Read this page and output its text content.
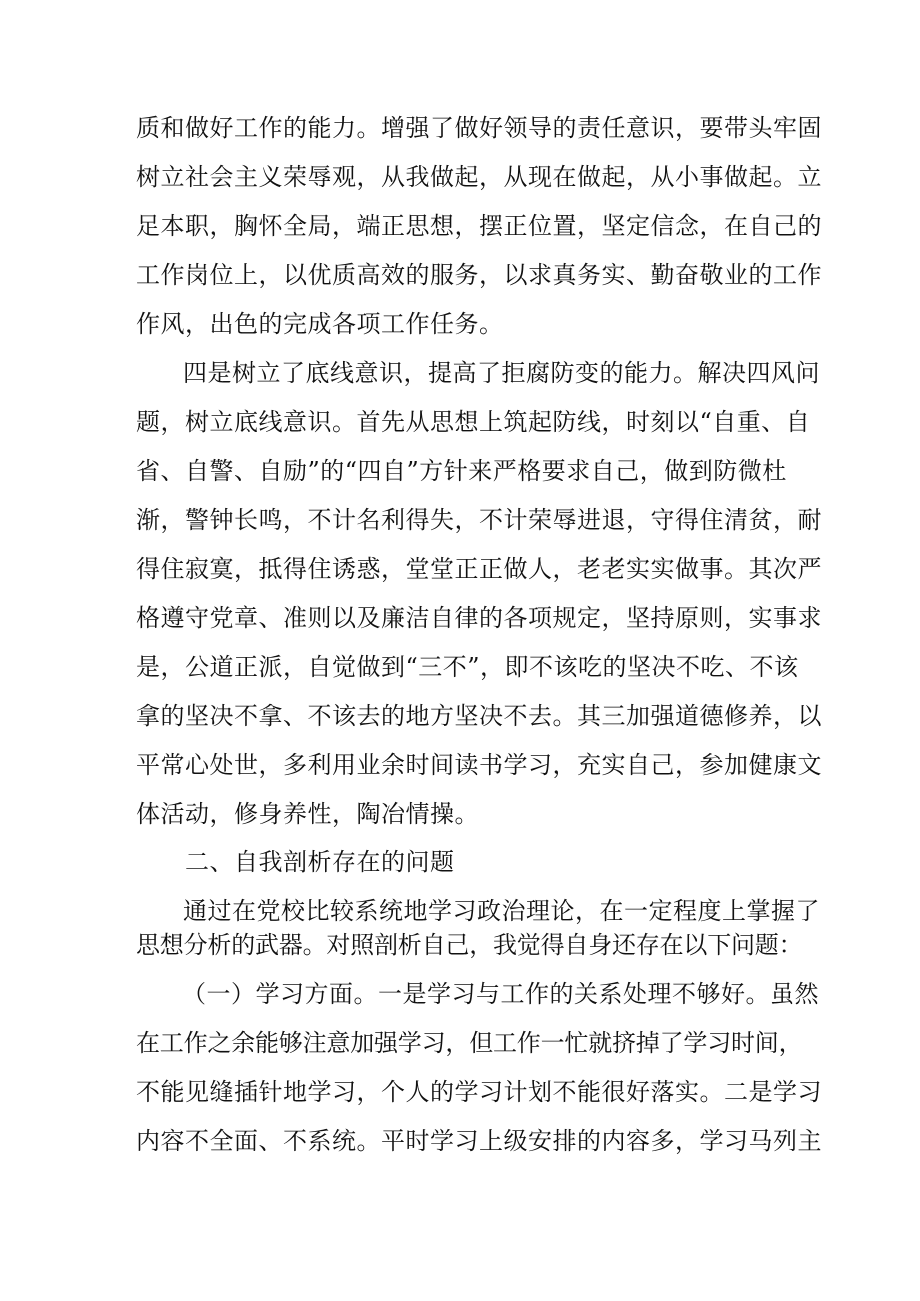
质和做好工作的能力。增强了做好领导的责任意识，要带头牢固
树立社会主义荣辱观，从我做起，从现在做起，从小事做起。立
足本职，胸怀全局，端正思想，摆正位置，坚定信念，在自己的
工作岗位上，以优质高效的服务，以求真务实、勤奋敬业的工作
作风，出色的完成各项工作任务。
四是树立了底线意识，提高了拒腐防变的能力。解决四风问
题，树立底线意识。首先从思想上筑起防线，时刻以“自重、自
省、自警、自励”的“四自”方针来严格要求自己，做到防微杜
渐，警钟长鸣，不计名利得失，不计荣辱进退，守得住清贫，耐
得住寂寞，抵得住诱惑，堂堂正正做人，老老实实做事。其次严
格遵守党章、准则以及廉洁自律的各项规定，坚持原则，实事求
是，公道正派，自觉做到“三不”，即不该吃的坚决不吃、不该
拿的坚决不拿、不该去的地方坚决不去。其三加强道德修养，以
平常心处世，多利用业余时间读书学习，充实自己，参加健康文
体活动，修身养性，陶冶情操。
二、自我剖析存在的问题
通过在党校比较系统地学习政治理论，在一定程度上掌握了
思想分析的武器。对照剖析自己，我觉得自身还存在以下问题：
（一）学习方面。一是学习与工作的关系处理不够好。虽然
在工作之余能够注意加强学习，但工作一忙就挤掉了学习时间，
不能见缝插针地学习，个人的学习计划不能很好落实。二是学习
内容不全面、不系统。平时学习上级安排的内容多，学习马列主
